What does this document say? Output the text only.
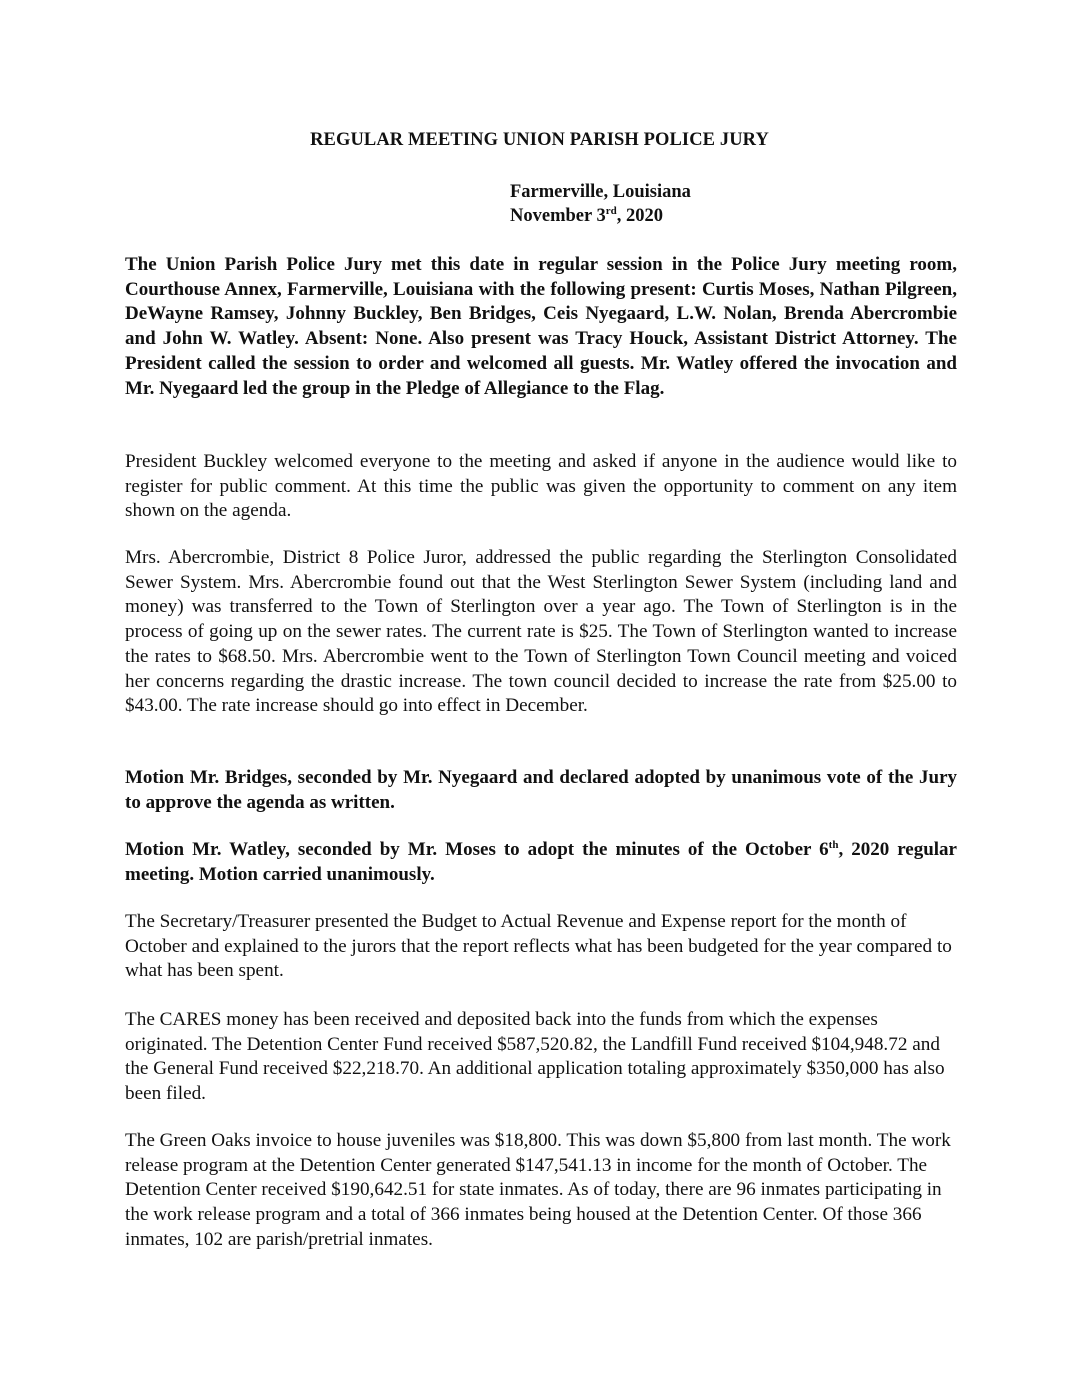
REGULAR MEETING UNION PARISH POLICE JURY
Farmerville, Louisiana
November 3rd, 2020

The Union Parish Police Jury met this date in regular session in the Police Jury meeting room, Courthouse Annex, Farmerville, Louisiana with the following present: Curtis Moses, Nathan Pilgreen, DeWayne Ramsey, Johnny Buckley, Ben Bridges, Ceis Nyegaard, L.W. Nolan, Brenda Abercrombie and John W. Watley. Absent: None. Also present was Tracy Houck, Assistant District Attorney. The President called the session to order and welcomed all guests. Mr. Watley offered the invocation and Mr. Nyegaard led the group in the Pledge of Allegiance to the Flag.

President Buckley welcomed everyone to the meeting and asked if anyone in the audience would like to register for public comment. At this time the public was given the opportunity to comment on any item shown on the agenda.

Mrs. Abercrombie, District 8 Police Juror, addressed the public regarding the Sterlington Consolidated Sewer System. Mrs. Abercrombie found out that the West Sterlington Sewer System (including land and money) was transferred to the Town of Sterlington over a year ago. The Town of Sterlington is in the process of going up on the sewer rates. The current rate is $25. The Town of Sterlington wanted to increase the rates to $68.50. Mrs. Abercrombie went to the Town of Sterlington Town Council meeting and voiced her concerns regarding the drastic increase. The town council decided to increase the rate from $25.00 to $43.00. The rate increase should go into effect in December.

Motion Mr. Bridges, seconded by Mr. Nyegaard and declared adopted by unanimous vote of the Jury to approve the agenda as written.

Motion Mr. Watley, seconded by Mr. Moses to adopt the minutes of the October 6th, 2020 regular meeting. Motion carried unanimously.

The Secretary/Treasurer presented the Budget to Actual Revenue and Expense report for the month of October and explained to the jurors that the report reflects what has been budgeted for the year compared to what has been spent.

The CARES money has been received and deposited back into the funds from which the expenses originated. The Detention Center Fund received $587,520.82, the Landfill Fund received $104,948.72 and the General Fund received $22,218.70. An additional application totaling approximately $350,000 has also been filed.

The Green Oaks invoice to house juveniles was $18,800. This was down $5,800 from last month. The work release program at the Detention Center generated $147,541.13 in income for the month of October. The Detention Center received $190,642.51 for state inmates. As of today, there are 96 inmates participating in the work release program and a total of 366 inmates being housed at the Detention Center. Of those 366 inmates, 102 are parish/pretrial inmates.
